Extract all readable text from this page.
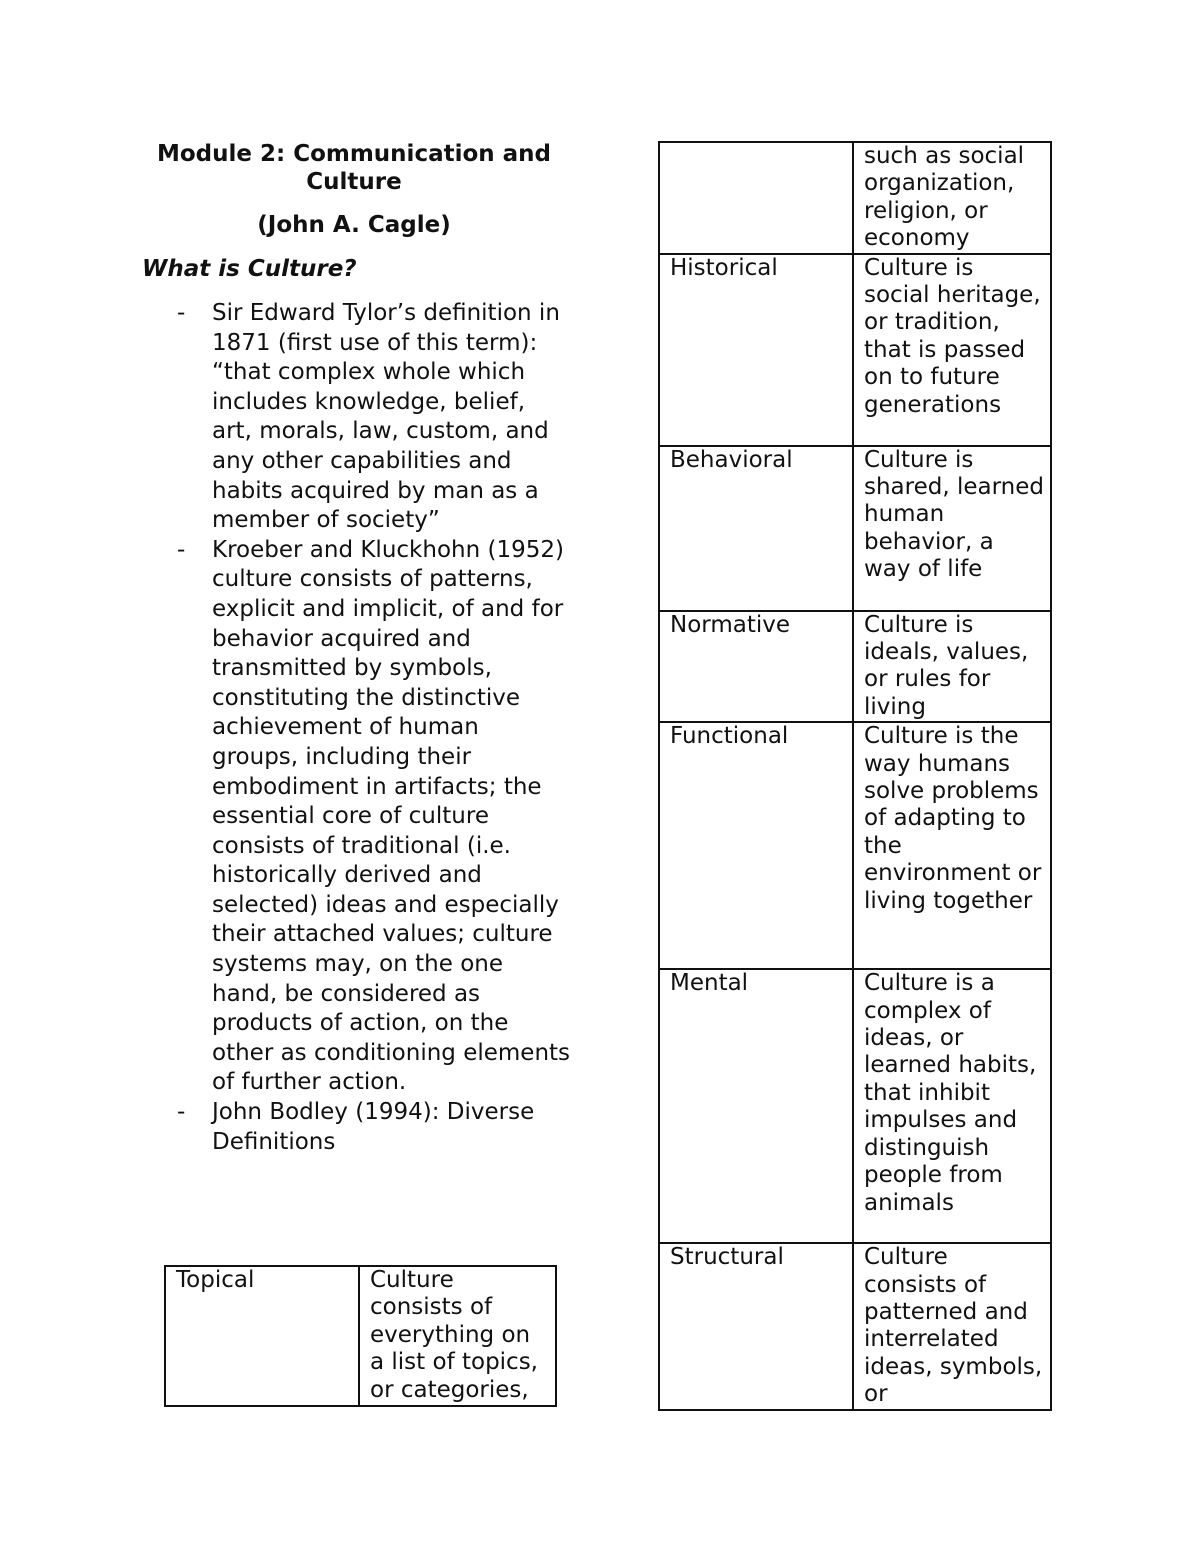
Module 2: Communication and Culture
(John A. Cagle)
What is Culture?
- Sir Edward Tylor’s definition in 1871 (first use of this term):

“that complex whole which includes knowledge, belief, art, morals, law, custom, and any other capabilities and habits acquired by man as a member of society”

- Kroeber and Kluckhohn (1952)

culture consists of patterns, explicit and implicit, of and for behavior acquired and transmitted by symbols, constituting the distinctive achievement of human groups, including their embodiment in artifacts; the essential core of culture consists of traditional (i.e. historically derived and selected) ideas and especially their attached values; culture systems may, on the one hand, be considered as products of action, on the other as conditioning elements of further action.

- John Bodley (1994): Diverse Definitions

Topical	Culture consists of everything on a list of topics, or categories,
	such as social organization, religion, or economy
Historical	Culture is social heritage, or tradition, that is passed on to future generations
Behavioral	Culture is shared, learned human behavior, a way of life
Normative	Culture is ideals, values, or rules for living
Functional	Culture is the way humans solve problems of adapting to the environment or living together
Mental	Culture is a complex of ideas, or learned habits, that inhibit impulses and distinguish people from animals
Structural	Culture consists of patterned and interrelated ideas, symbols, or
